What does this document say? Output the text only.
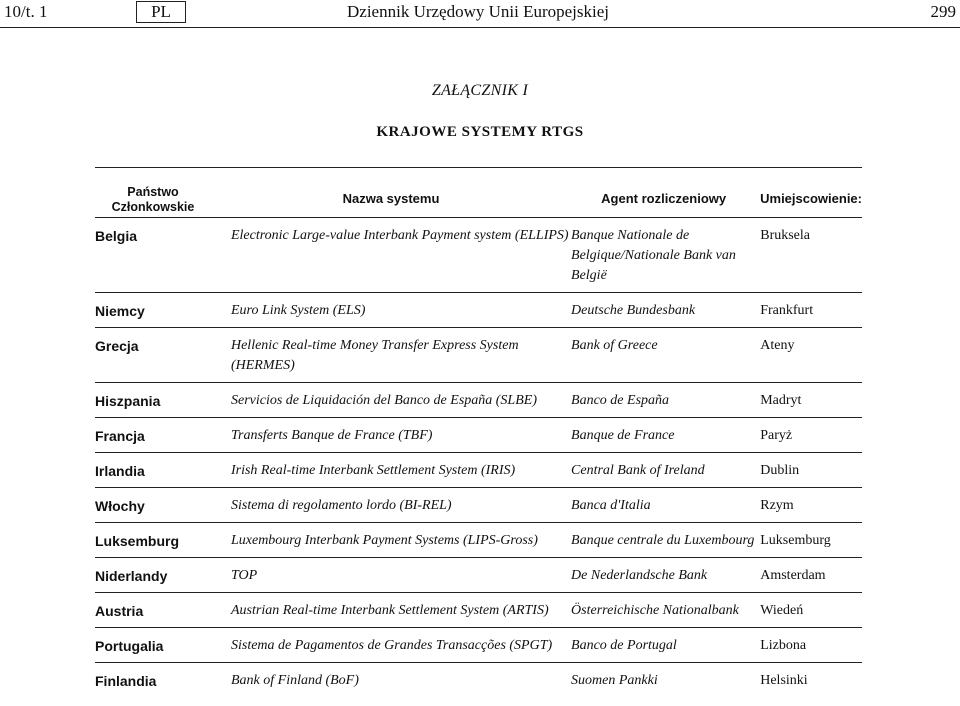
10/t. 1	PL	Dziennik Urzędowy Unii Europejskiej	299
ZAŁĄCZNIK I
KRAJOWE SYSTEMY RTGS
Państwo Członkowskie	Nazwa systemu	Agent rozliczeniowy	Umiejscowienie:
Belgia	Electronic Large-value Interbank Payment system (ELLIPS)	Banque Nationale de Belgique/Nationale Bank van België	Bruksela
Niemcy	Euro Link System (ELS)	Deutsche Bundesbank	Frankfurt
Grecja	Hellenic Real-time Money Transfer Express System (HERMES)	Bank of Greece	Ateny
Hiszpania	Servicios de Liquidación del Banco de España (SLBE)	Banco de España	Madryt
Francja	Transferts Banque de France (TBF)	Banque de France	Paryż
Irlandia	Irish Real-time Interbank Settlement System (IRIS)	Central Bank of Ireland	Dublin
Włochy	Sistema di regolamento lordo (BI-REL)	Banca d'Italia	Rzym
Luksemburg	Luxembourg Interbank Payment Systems (LIPS-Gross)	Banque centrale du Luxembourg	Luksemburg
Niderlandy	TOP	De Nederlandsche Bank	Amsterdam
Austria	Austrian Real-time Interbank Settlement System (ARTIS)	Österreichische Nationalbank	Wiedeń
Portugalia	Sistema de Pagamentos de Grandes Transacções (SPGT)	Banco de Portugal	Lizbona
Finlandia	Bank of Finland (BoF)	Suomen Pankki	Helsinki
